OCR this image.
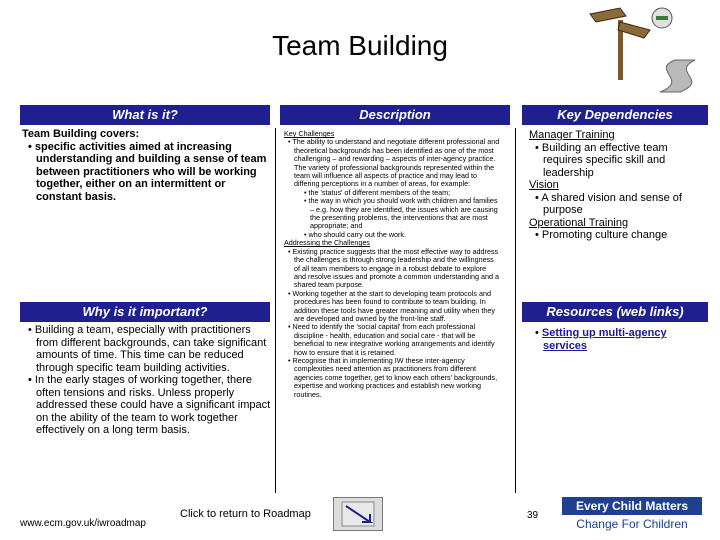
Team Building
What is it?

Team Building covers:

• specific activities aimed at increasing understanding and building a sense of team between practitioners who will be working together, either on an intermittent or constant basis.

Why is it important?

• Building a team, especially with practitioners from different backgrounds, can take significant amounts of time. This time can be reduced through specific team building activities.

• In the early stages of working together, there often tensions and risks. Unless properly addressed these could have a significant impact on the ability of the team to work together effectively on a long term basis.

Description

Key Challenges

• The ability to understand and negotiate different professional and theoretical backgrounds has been identified as one of the most challenging – and rewarding – aspects of inter-agency practice. The variety of professional backgrounds represented within the team will influence all aspects of practice and may lead to differing perceptions in a number of areas, for example:

• the 'status' of different members of the team;

• the way in which you should work with children and families – e.g. how they are identified, the issues which are causing the presenting problems, the interventions that are most appropriate; and

• who should carry out the work.

Addressing the Challenges

• Existing practice suggests that the most effective way to address the challenges is through strong leadership and the willingness of all team members to engage in a robust debate to explore and resolve issues and promote a common understanding and a shared team purpose.

• Working together at the start to developing team protocols and procedures has been found to contribute to team building. In addition these tools have greater meaning and utility when they are developed and owned by the front-line staff.

• Need to identify the 'social capital' from each professional discipline - health, education and social care - that will be beneficial to new integrative working arrangements and identify how to ensure that it is retained.

• Recognise that in implementing IW these inter-agency complexities need attention as practitioners from different agencies come together, get to know each others' backgrounds, expertise and working practices and establish new working routines.

Key Dependencies

Manager Training

• Building an effective team requires specific skill and leadership

Vision

• A shared vision and sense of purpose

Operational Training

• Promoting culture change

Resources (web links)

• Setting up multi-agency services

www.ecm.gov.uk/iwroadmap
Click to return to Roadmap	39
Every Child Matters
Change For Children
